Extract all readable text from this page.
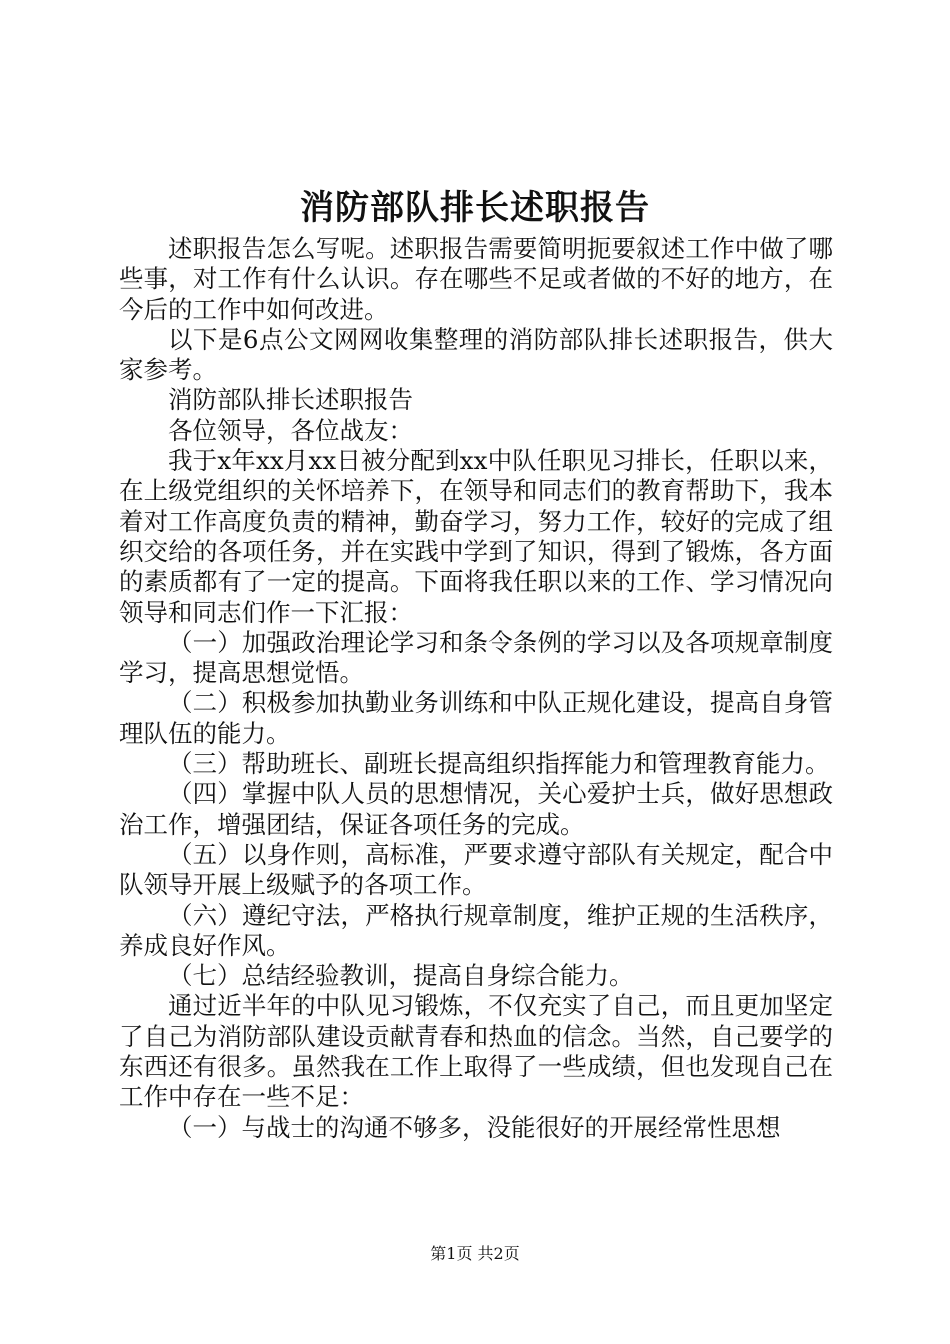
消防部队排长述职报告

述职报告怎么写呢。述职报告需要简明扼要叙述工作中做了哪些事，对工作有什么认识。存在哪些不足或者做的不好的地方，在今后的工作中如何改进。

以下是6点公文网网收集整理的消防部队排长述职报告，供大家参考。

消防部队排长述职报告

各位领导，各位战友：

我于x年xx月xx日被分配到xx中队任职见习排长，任职以来，在上级党组织的关怀培养下，在领导和同志们的教育帮助下，我本着对工作高度负责的精神，勤奋学习，努力工作，较好的完成了组织交给的各项任务，并在实践中学到了知识，得到了锻炼，各方面的素质都有了一定的提高。下面将我任职以来的工作、学习情况向领导和同志们作一下汇报：

（一）加强政治理论学习和条令条例的学习以及各项规章制度学习，提高思想觉悟。

（二）积极参加执勤业务训练和中队正规化建设，提高自身管理队伍的能力。

（三）帮助班长、副班长提高组织指挥能力和管理教育能力。

（四）掌握中队人员的思想情况，关心爱护士兵，做好思想政治工作，增强团结，保证各项任务的完成。

（五）以身作则，高标准，严要求遵守部队有关规定，配合中队领导开展上级赋予的各项工作。

（六）遵纪守法，严格执行规章制度，维护正规的生活秩序，养成良好作风。

（七）总结经验教训，提高自身综合能力。

通过近半年的中队见习锻炼，不仅充实了自己，而且更加坚定了自己为消防部队建设贡献青春和热血的信念。当然，自己要学的东西还有很多。虽然我在工作上取得了一些成绩，但也发现自己在工作中存在一些不足：

（一）与战士的沟通不够多，没能很好的开展经常性思想

第1页 共2页
